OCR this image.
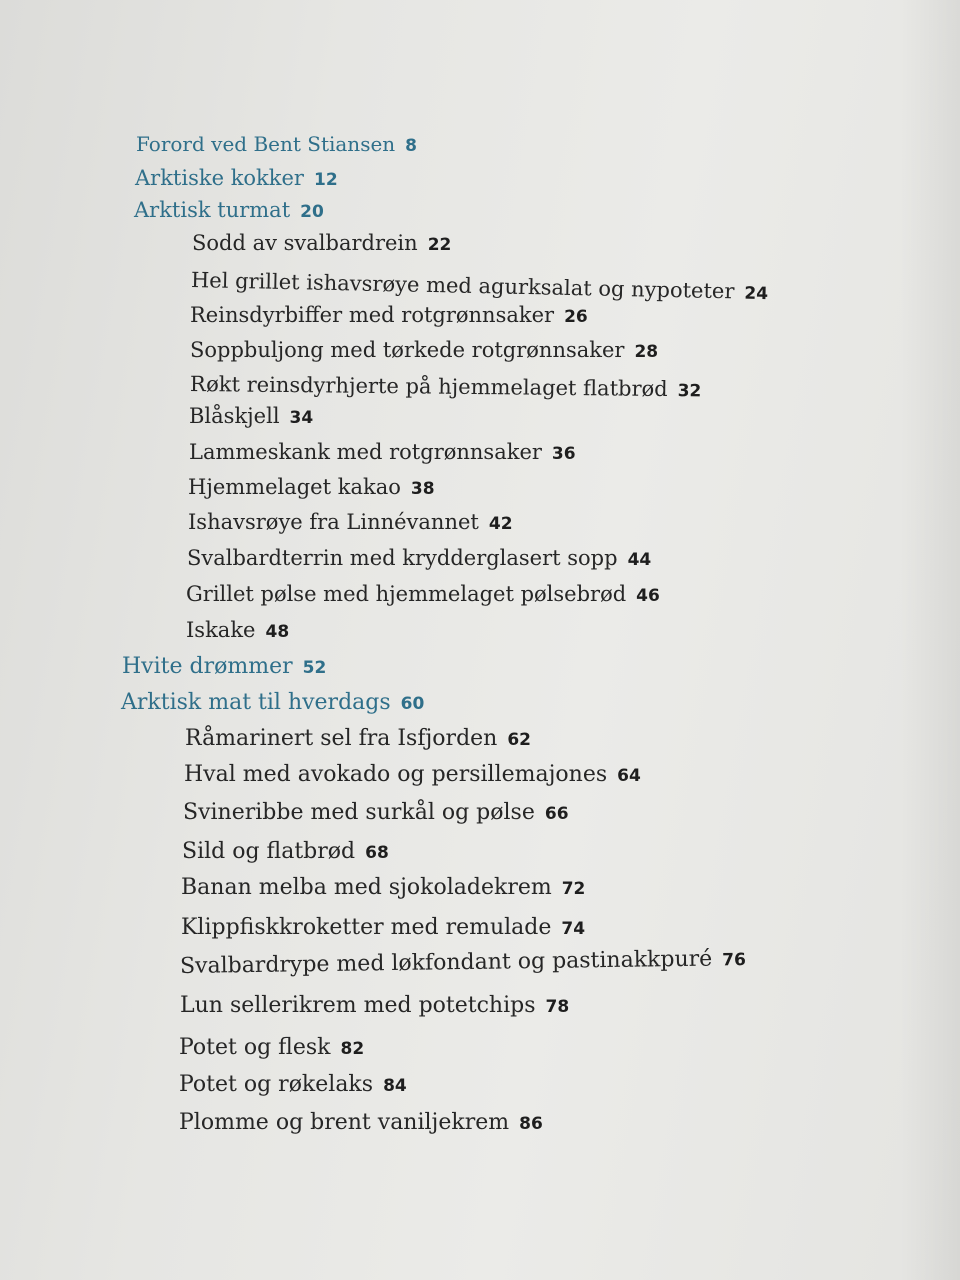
Forord ved Bent Stiansen 8
Arktiske kokker 12
Arktisk turmat 20
Sodd av svalbardrein 22
Hel grillet ishavsrøye med agurksalat og nypoteter 24
Reinsdyrbiffer med rotgrønnsaker 26
Soppbuljong med tørkede rotgrønnsaker 28
Røkt reinsdyrhjerte på hjemmelaget flatbrød 32
Blåskjell 34
Lammeskank med rotgrønnsaker 36
Hjemmelaget kakao 38
Ishavsrøye fra Linnévannet 42
Svalbardterrin med krydderglasert sopp 44
Grillet pølse med hjemmelaget pølsebrød 46
Iskake 48
Hvite drømmer 52
Arktisk mat til hverdags 60
Råmarinert sel fra Isfjorden 62
Hval med avokado og persillemajones 64
Svineribbe med surkål og pølse 66
Sild og flatbrød 68
Banan melba med sjokoladekrem 72
Klippfiskkroketter med remulade 74
Svalbardrype med løkfondant og pastinakkpuré 76
Lun sellerikrem med potetchips 78
Potet og flesk 82
Potet og røkelaks 84
Plomme og brent vaniljekrem 86
